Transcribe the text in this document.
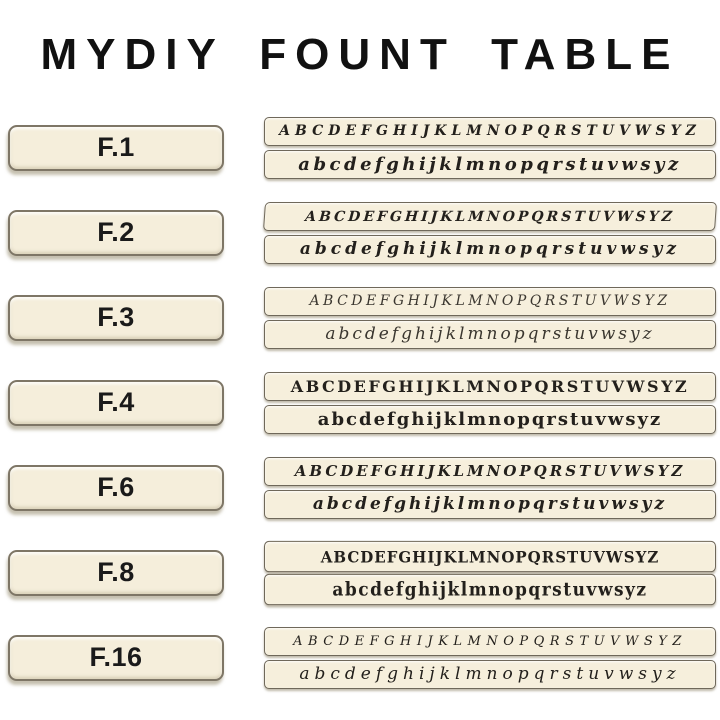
MYDIY FOUNT TABLE
F.1
ABCDEFGHIJKLMNOPQRSTUVWSYZ
abcdefghijklmnopqrstuvwsyz
F.2
ABCDEFGHIJKLMNOPQRSTUVWSYZ
abcdefghijklmnopqrstuvwsyz
F.3
ABCDEFGHIJKLMNOPQRSTUVWSYZ
abcdefghijklmnopqrstuvwsyz
F.4
ABCDEFGHIJKLMNOPQRSTUVWSYZ
abcdefghijklmnopqrstuvwsyz
F.6
ABCDEFGHIJKLMNOPQRSTUVWSYZ
abcdefghijklmnopqrstuvwsyz
F.8
ABCDEFGHIJKLMNOPQRSTUVWSYZ
abcdefghijklmnopqrstuvwsyz
F.16
ABCDEFGHIJKLMNOPQRSTUVWSYZ
abcdefghijklmnopqrstuvwsyz
